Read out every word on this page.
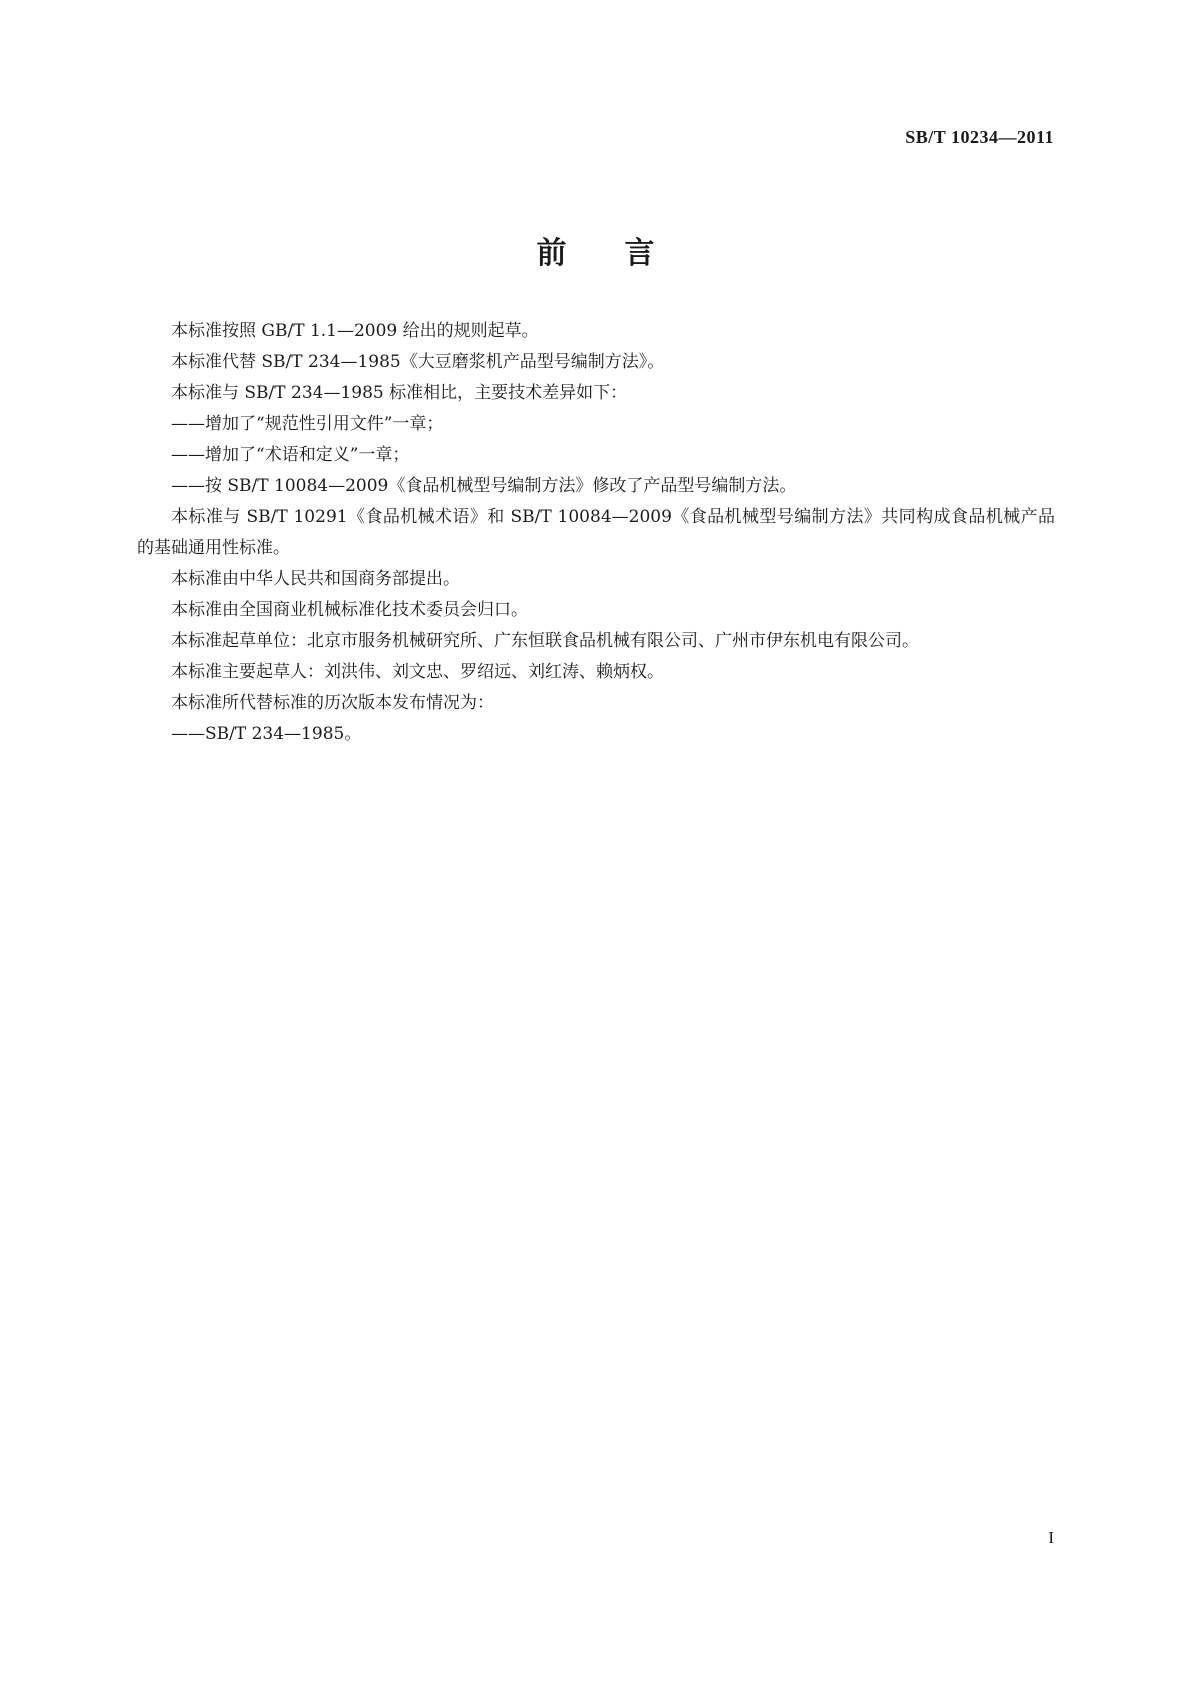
SB/T 10234—2011

前言

本标准按照 GB/T 1.1—2009 给出的规则起草。

本标准代替 SB/T 234—1985《大豆磨浆机产品型号编制方法》。

本标准与 SB/T 234—1985 标准相比，主要技术差异如下：

——增加了“规范性引用文件”一章；

——增加了“术语和定义”一章；

——按 SB/T 10084—2009《食品机械型号编制方法》修改了产品型号编制方法。

本标准与 SB/T 10291《食品机械术语》和 SB/T 10084—2009《食品机械型号编制方法》共同构成食品机械产品的基础通用性标准。

本标准由中华人民共和国商务部提出。

本标准由全国商业机械标准化技术委员会归口。

本标准起草单位：北京市服务机械研究所、广东恒联食品机械有限公司、广州市伊东机电有限公司。

本标准主要起草人：刘洪伟、刘文忠、罗绍远、刘红涛、赖炳权。

本标准所代替标准的历次版本发布情况为：

——SB/T 234—1985。

I
